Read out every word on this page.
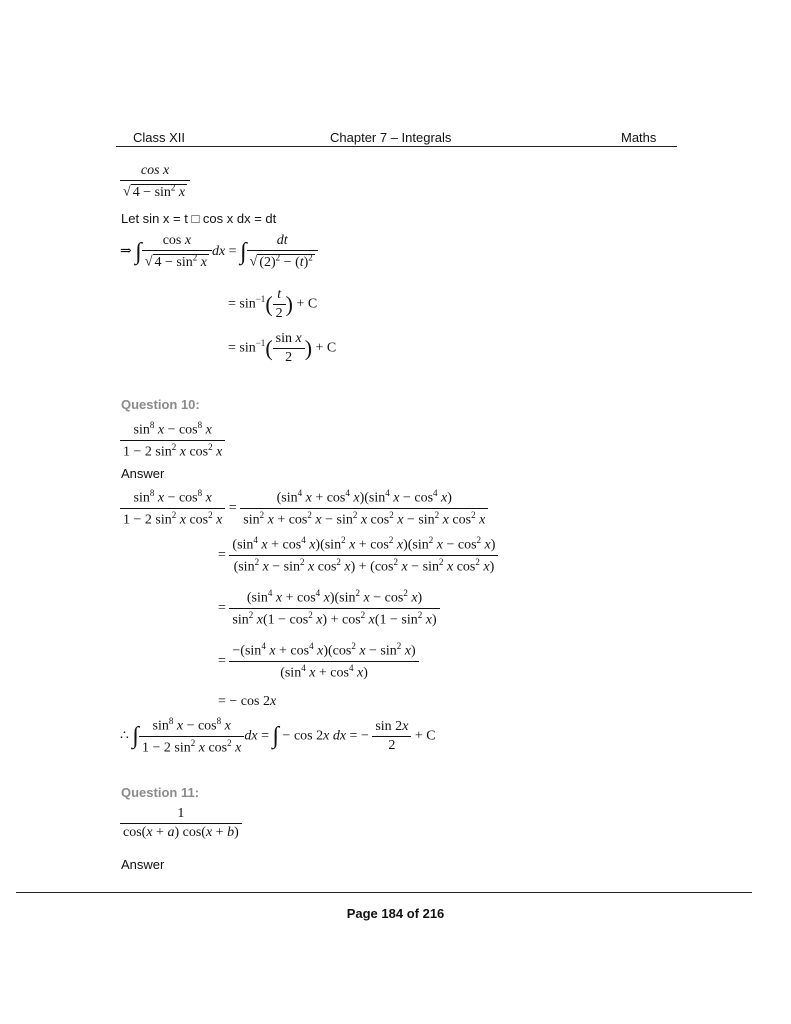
Class XII	Chapter 7 – Integrals	Maths
$\frac{\text{cos x}}{√ 4 - \sin^2 x}$
Let sin x = t □ cos x dx = dt
⇒ ∫ $\frac{\text{cos x}}{√ 4 - \sin^2 x}$ dx = ∫ $\frac{dt}{√ (2)^2 - (t)^2}$
= $\sin^{-1}( \frac{t}{2}$ ) + C
= $\sin^{-1}( \frac{\text{sin x}}{2}$ ) + C
Question 10:
$\frac{\sin^8 x - \cos^8 x}{1 - 2 \sin^2 x \cos^2 x}$
Answer
$\frac{\sin^8 x - \cos^8 x}{1 - 2 \sin^2 x \cos^2 x} = \frac{(\sin^4 x + \cos^4 x)(\sin^4 x - \cos^4 x)}{\sin^2 x + \cos^2 x - \sin^2 x \cos^2 x - \sin^2 x \cos^2 x}$
= $\frac{(\sin^4 x + \cos^4 x)(\sin^2 x + \cos^2 x)(\sin^2 x - \cos^2 x)}{(\sin^2 x - \sin^2 x \cos^2 x) + (\cos^2 x - \sin^2 x \cos^2 x)}$
= $\frac{(\sin^4 x + \cos^4 x)(\sin^2 x - \cos^2 x)}{\sin^2 x(1 - \cos^2 x) + \cos^2 x(1 - \sin^2 x)}$
= $\frac{-(\sin^4 x + \cos^4 x)(\cos^2 x - \sin^2 x)}{(\sin^4 x + \cos^4 x)}$
= − cos 2x
∴ ∫ $\frac{\sin^8 x - \cos^8 x}{1 - 2 \sin^2 x \cos^2 x}$ dx = ∫ − cos 2x dx = − $\frac{\sin 2x}{2} + C$
Question 11:
$\frac{1}{\cos(x + a) \cos(x + b)}$
Answer
Page 184 of 216
